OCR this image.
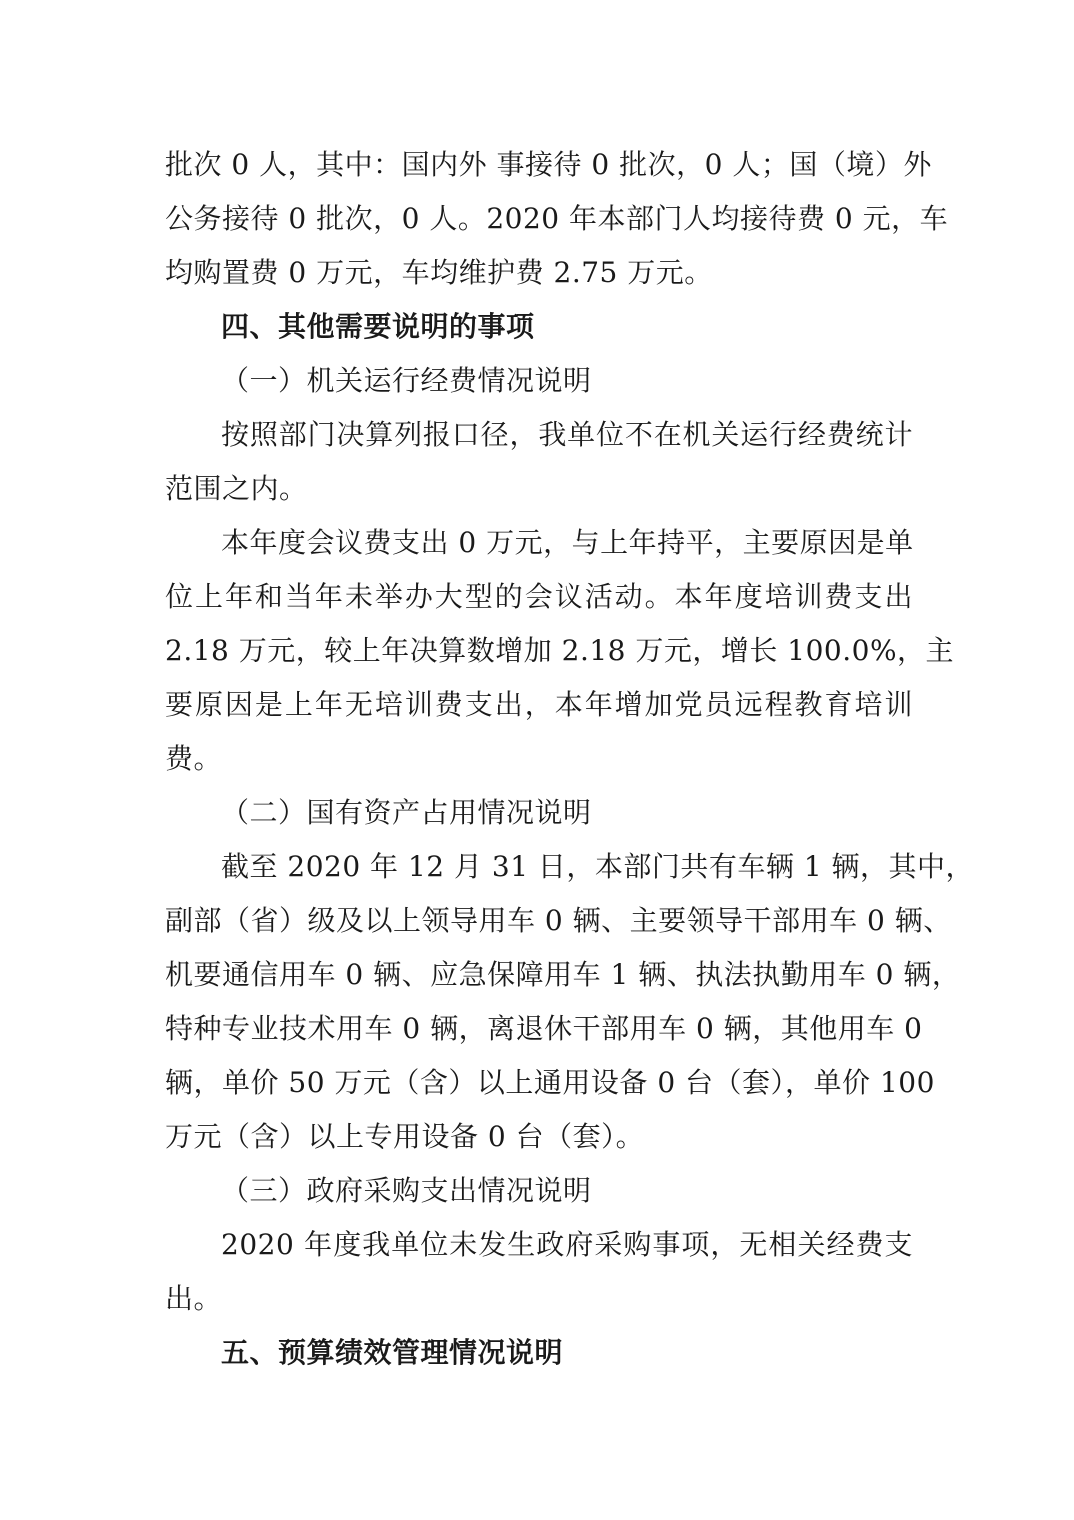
批次 0 人，其中：国内外 事接待 0 批次，0 人；国（境）外
公务接待 0 批次，0 人。2020 年本部门人均接待费 0 元，车
均购置费 0 万元，车均维护费 2.75 万元。
四、其他需要说明的事项
（一）机关运行经费情况说明
按照部门决算列报口径，我单位不在机关运行经费统计
范围之内。
本年度会议费支出 0 万元，与上年持平，主要原因是单
位上年和当年未举办大型的会议活动。本年度培训费支出
2.18 万元，较上年决算数增加 2.18 万元，增长 100.0%，主
要原因是上年无培训费支出，本年增加党员远程教育培训
费。
（二）国有资产占用情况说明
截至 2020 年 12 月 31 日，本部门共有车辆 1 辆，其中，
副部（省）级及以上领导用车 0 辆、主要领导干部用车 0 辆、
机要通信用车 0 辆、应急保障用车 1 辆、执法执勤用车 0 辆，
特种专业技术用车 0 辆，离退休干部用车 0 辆，其他用车 0
辆，单价 50 万元（含）以上通用设备 0 台（套），单价 100
万元（含）以上专用设备 0 台（套）。
（三）政府采购支出情况说明
2020 年度我单位未发生政府采购事项，无相关经费支
出。
五、预算绩效管理情况说明
